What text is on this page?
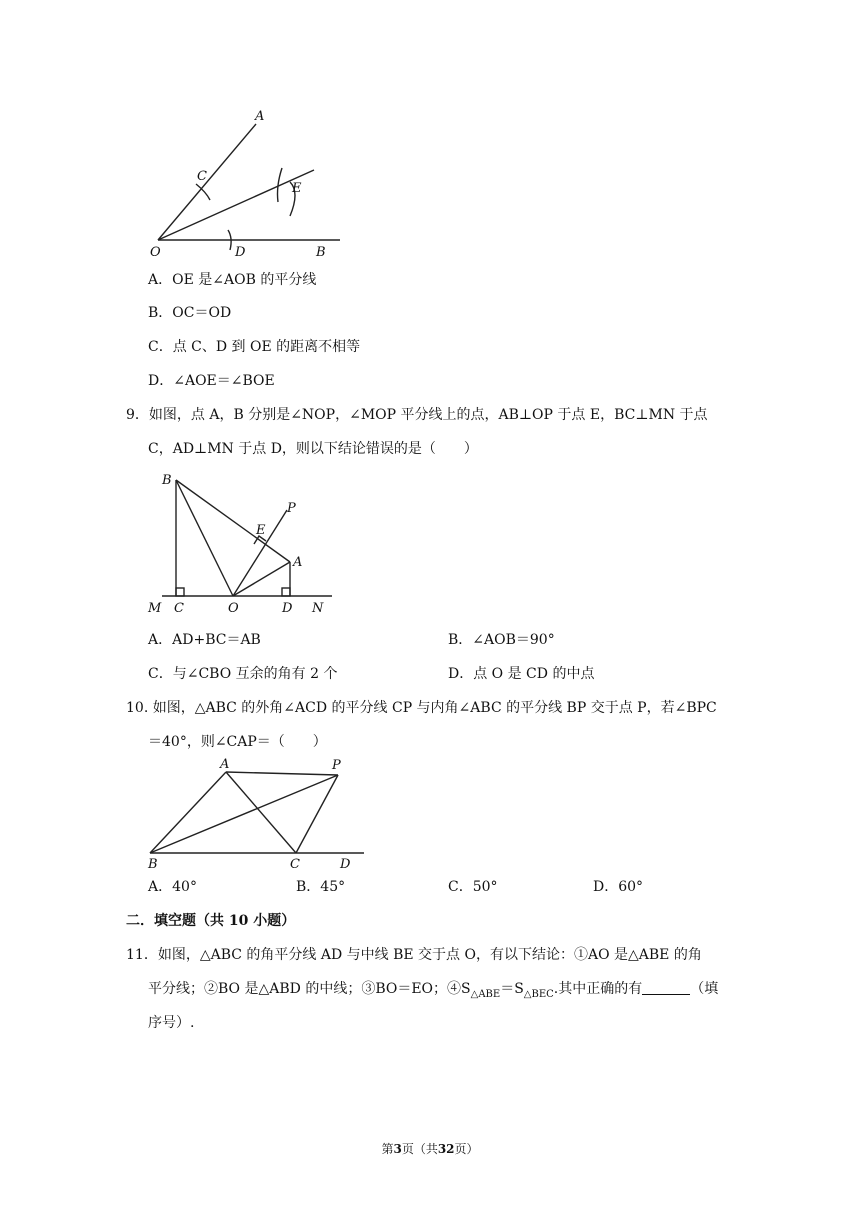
A
C
E
O	D	B
A．OE 是∠AOB 的平分线
B．OC＝OD
C．点 C、D 到 OE 的距离不相等
D．∠AOE＝∠BOE
9．如图，点 A，B 分别是∠NOP，∠MOP 平分线上的点，AB⊥OP 于点 E，BC⊥MN 于点
C，AD⊥MN 于点 D，则以下结论错误的是（　　）
B
E
P
A
M C	O	D N
A．AD+BC＝AB	B．∠AOB＝90°
C．与∠CBO 互余的角有 2 个	D．点 O 是 CD 的中点
10. 如图，△ABC 的外角∠ACD 的平分线 CP 与内角∠ABC 的平分线 BP 交于点 P，若∠BPC
＝40°，则∠CAP＝（　　）
A	P
B	C	D
A．40°	B．45°	C．50°	D．60°
二．填空题（共 10 小题）
11．如图，△ABC 的角平分线 AD 与中线 BE 交于点 O，有以下结论：①AO 是△ABE 的角
平分线；②BO 是△ABD 的中线；③BO＝EO；$④S_{\triangle ABE}=S_{\triangle BEC}$.其中正确的有	（填
序号）.
第3页（共32页）
